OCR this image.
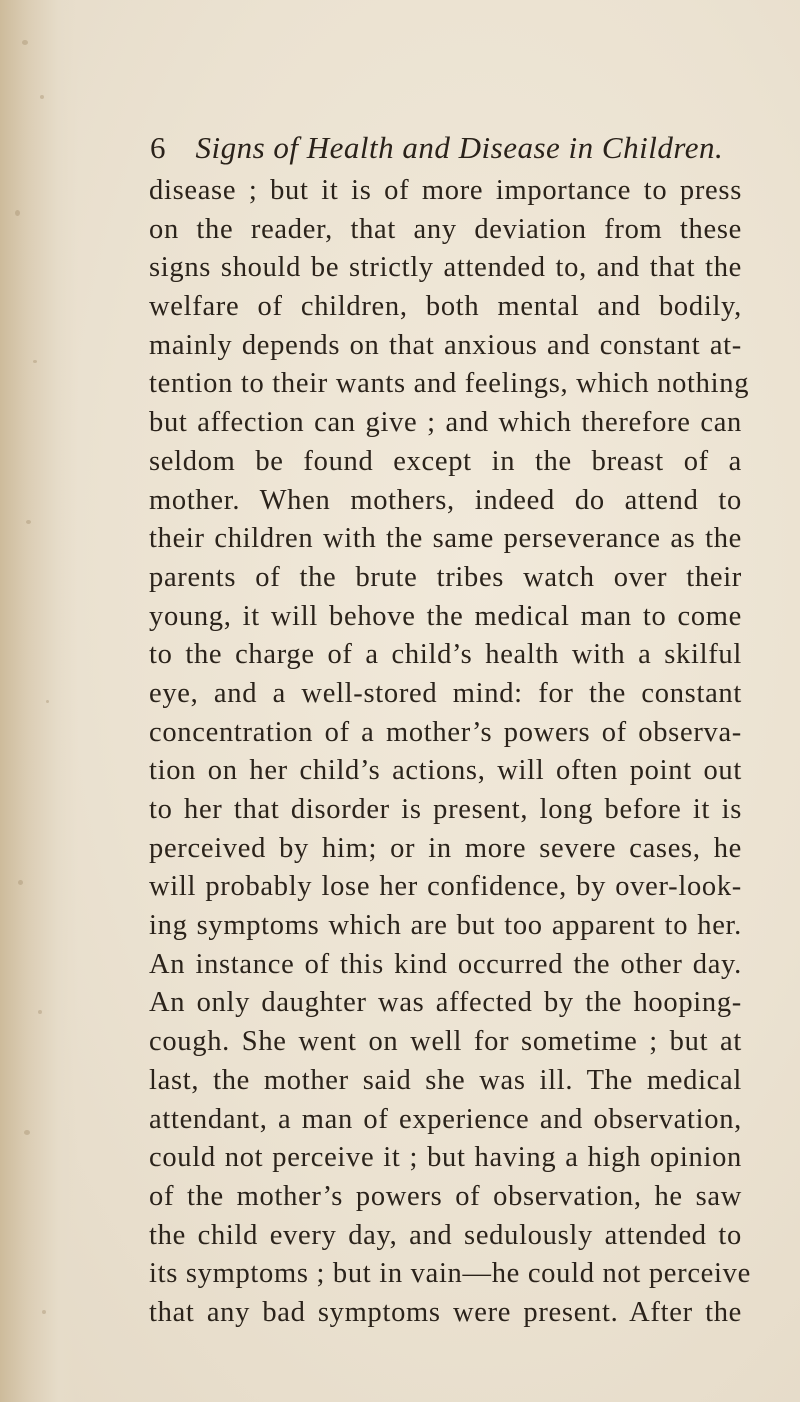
6 Signs of Health and Disease in Children.
disease ; but it is of more importance to press
on the reader, that any deviation from these
signs should be strictly attended to, and that the
welfare of children, both mental and bodily,
mainly depends on that anxious and constant at-
tention to their wants and feelings, which nothing
but affection can give ; and which therefore can
seldom be found except in the breast of a
mother. When mothers, indeed do attend to
their children with the same perseverance as the
parents of the brute tribes watch over their
young, it will behove the medical man to come
to the charge of a child’s health with a skilful
eye, and a well-stored mind: for the constant
concentration of a mother’s powers of observa-
tion on her child’s actions, will often point out
to her that disorder is present, long before it is
perceived by him; or in more severe cases, he
will probably lose her confidence, by over-look-
ing symptoms which are but too apparent to her.
An instance of this kind occurred the other day.
An only daughter was affected by the hooping-
cough. She went on well for sometime ; but at
last, the mother said she was ill. The medical
attendant, a man of experience and observation,
could not perceive it ; but having a high opinion
of the mother’s powers of observation, he saw
the child every day, and sedulously attended to
its symptoms ; but in vain—he could not perceive
that any bad symptoms were present. After the
